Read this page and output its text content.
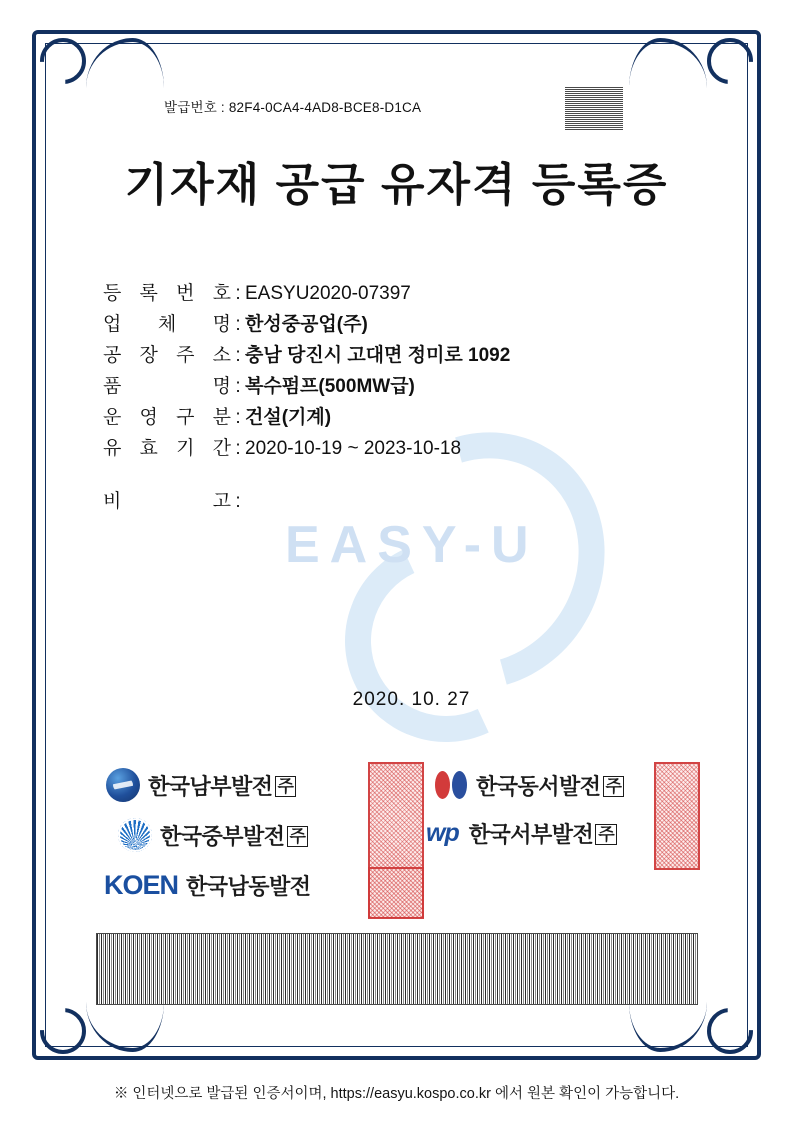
EASY-U
발급번호 : 82F4-0CA4-4AD8-BCE8-D1CA
기자재 공급 유자격 등록증
등 록 번 호 : EASYU2020-07397
업 체 명 : 한성중공업(주)
공 장 주 소 : 충남 당진시 고대면 정미로 1092
품	명 : 복수펌프(500MW급)
운 영 구 분 : 건설(기계)
유 효 기 간 : 2020-10-19 ~ 2023-10-18
비	고 :
2020. 10. 27
한국남부발전 주	한국동서발전 주
한국중부발전 주	wp 한국서부발전 주
KOEN 한국남동발전
※ 인터넷으로 발급된 인증서이며, https://easyu.kospo.co.kr 에서 원본 확인이 가능합니다.
